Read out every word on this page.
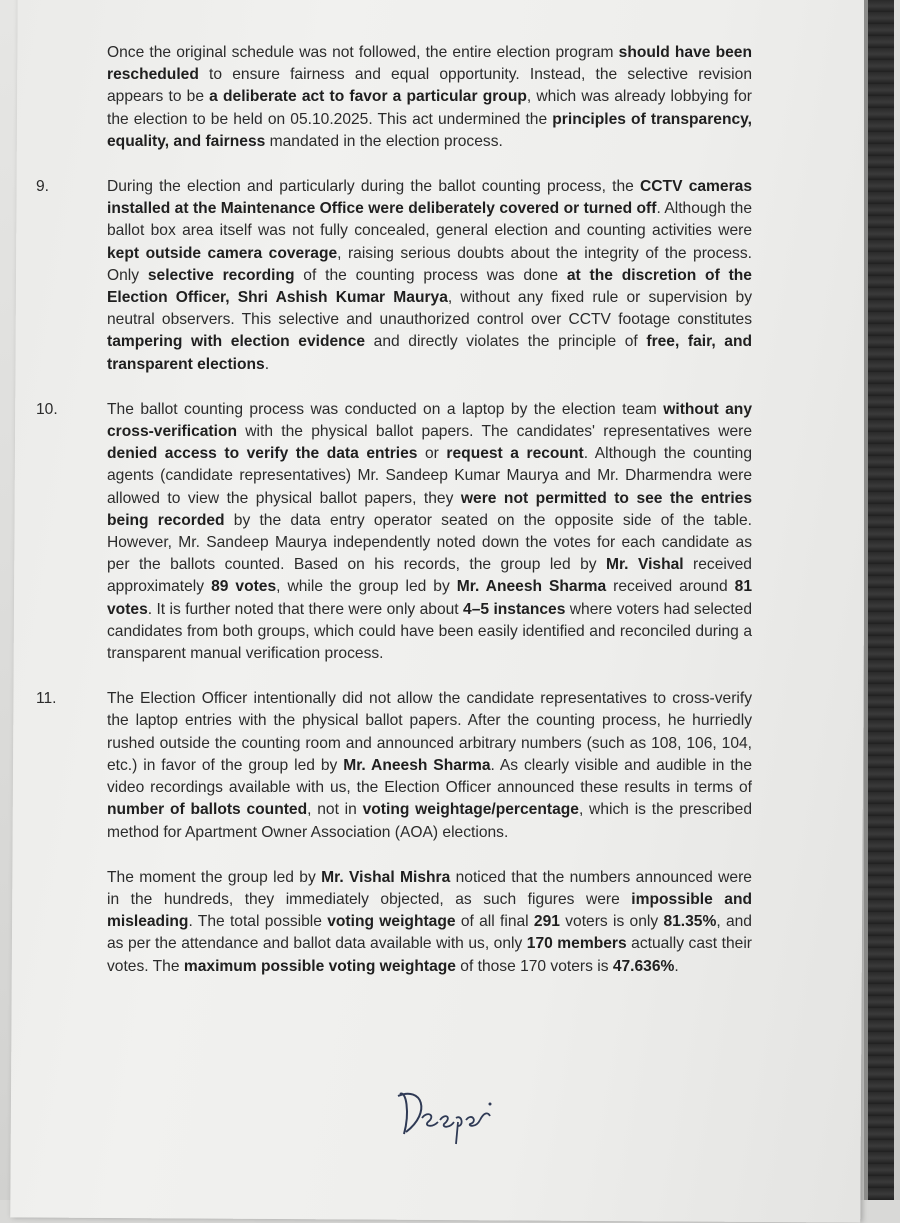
Once the original schedule was not followed, the entire election program should have been rescheduled to ensure fairness and equal opportunity. Instead, the selective revision appears to be a deliberate act to favor a particular group, which was already lobbying for the election to be held on 05.10.2025. This act undermined the principles of transparency, equality, and fairness mandated in the election process.

9.	During the election and particularly during the ballot counting process, the CCTV cameras installed at the Maintenance Office were deliberately covered or turned off. Although the ballot box area itself was not fully concealed, general election and counting activities were kept outside camera coverage, raising serious doubts about the integrity of the process. Only selective recording of the counting process was done at the discretion of the Election Officer, Shri Ashish Kumar Maurya, without any fixed rule or supervision by neutral observers. This selective and unauthorized control over CCTV footage constitutes tampering with election evidence and directly violates the principle of free, fair, and transparent elections.

10.	The ballot counting process was conducted on a laptop by the election team without any cross-verification with the physical ballot papers. The candidates' representatives were denied access to verify the data entries or request a recount. Although the counting agents (candidate representatives) Mr. Sandeep Kumar Maurya and Mr. Dharmendra were allowed to view the physical ballot papers, they were not permitted to see the entries being recorded by the data entry operator seated on the opposite side of the table. However, Mr. Sandeep Maurya independently noted down the votes for each candidate as per the ballots counted. Based on his records, the group led by Mr. Vishal received approximately 89 votes, while the group led by Mr. Aneesh Sharma received around 81 votes. It is further noted that there were only about 4–5 instances where voters had selected candidates from both groups, which could have been easily identified and reconciled during a transparent manual verification process.

11.	The Election Officer intentionally did not allow the candidate representatives to cross-verify the laptop entries with the physical ballot papers. After the counting process, he hurriedly rushed outside the counting room and announced arbitrary numbers (such as 108, 106, 104, etc.) in favor of the group led by Mr. Aneesh Sharma. As clearly visible and audible in the video recordings available with us, the Election Officer announced these results in terms of number of ballots counted, not in voting weightage/percentage, which is the prescribed method for Apartment Owner Association (AOA) elections.

The moment the group led by Mr. Vishal Mishra noticed that the numbers announced were in the hundreds, they immediately objected, as such figures were impossible and misleading. The total possible voting weightage of all final 291 voters is only 81.35%, and as per the attendance and ballot data available with us, only 170 members actually cast their votes. The maximum possible voting weightage of those 170 voters is 47.636%.
